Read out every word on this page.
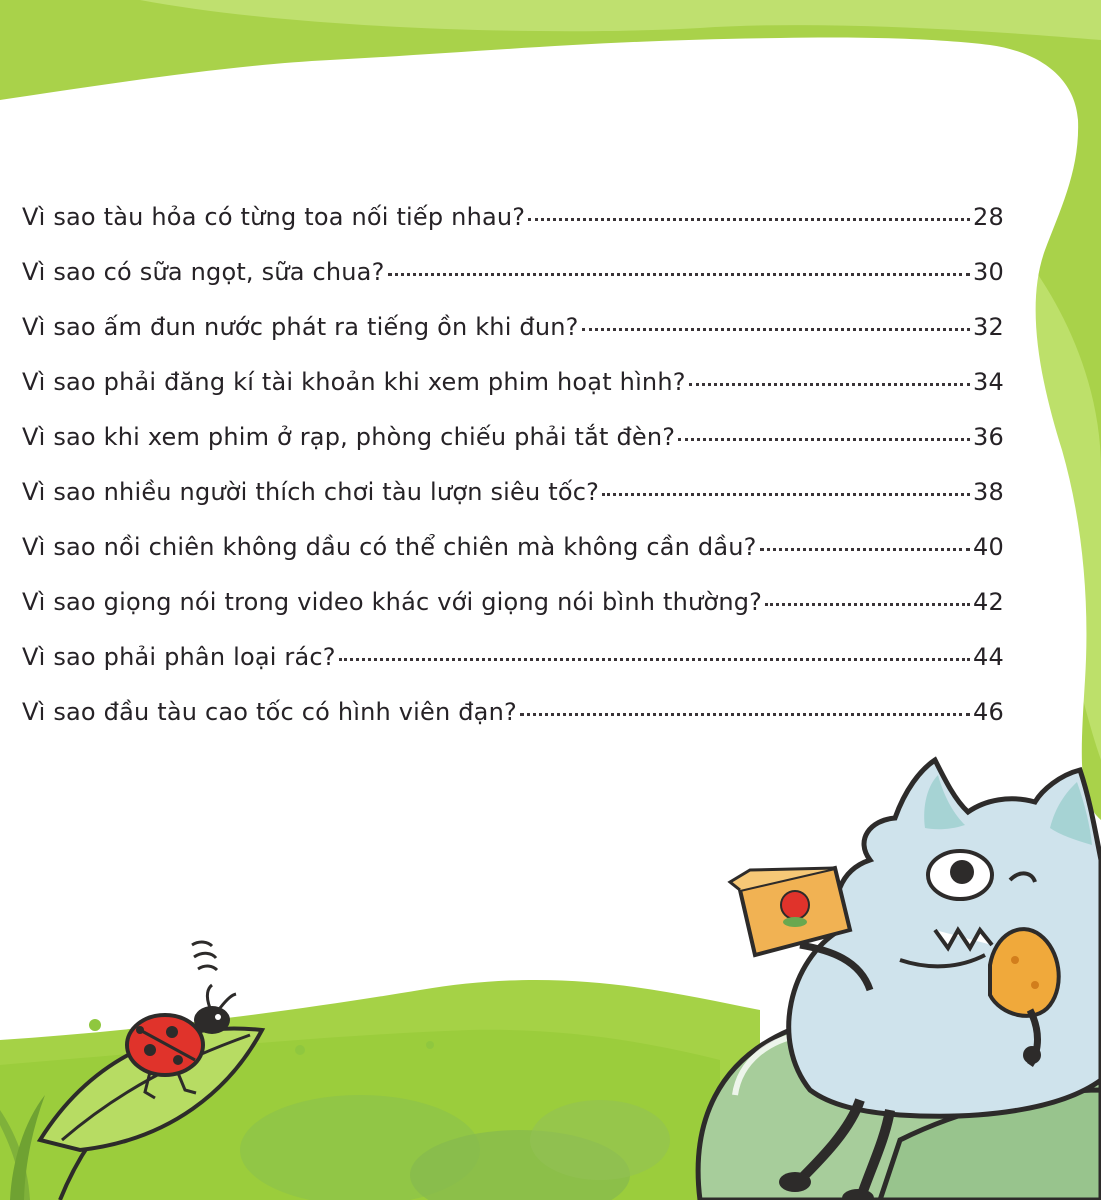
Vì sao tàu hỏa có từng toa nối tiếp nhau?	28
Vì sao có sữa ngọt, sữa chua?	30
Vì sao ấm đun nước phát ra tiếng ồn khi đun?	32
Vì sao phải đăng kí tài khoản khi xem phim hoạt hình?	34
Vì sao khi xem phim ở rạp, phòng chiếu phải tắt đèn?	36
Vì sao nhiều người thích chơi tàu lượn siêu tốc?	38
Vì sao nồi chiên không dầu có thể chiên mà không cần dầu?	40
Vì sao giọng nói trong video khác với giọng nói bình thường?	42
Vì sao phải phân loại rác?	44
Vì sao đầu tàu cao tốc có hình viên đạn?	46
